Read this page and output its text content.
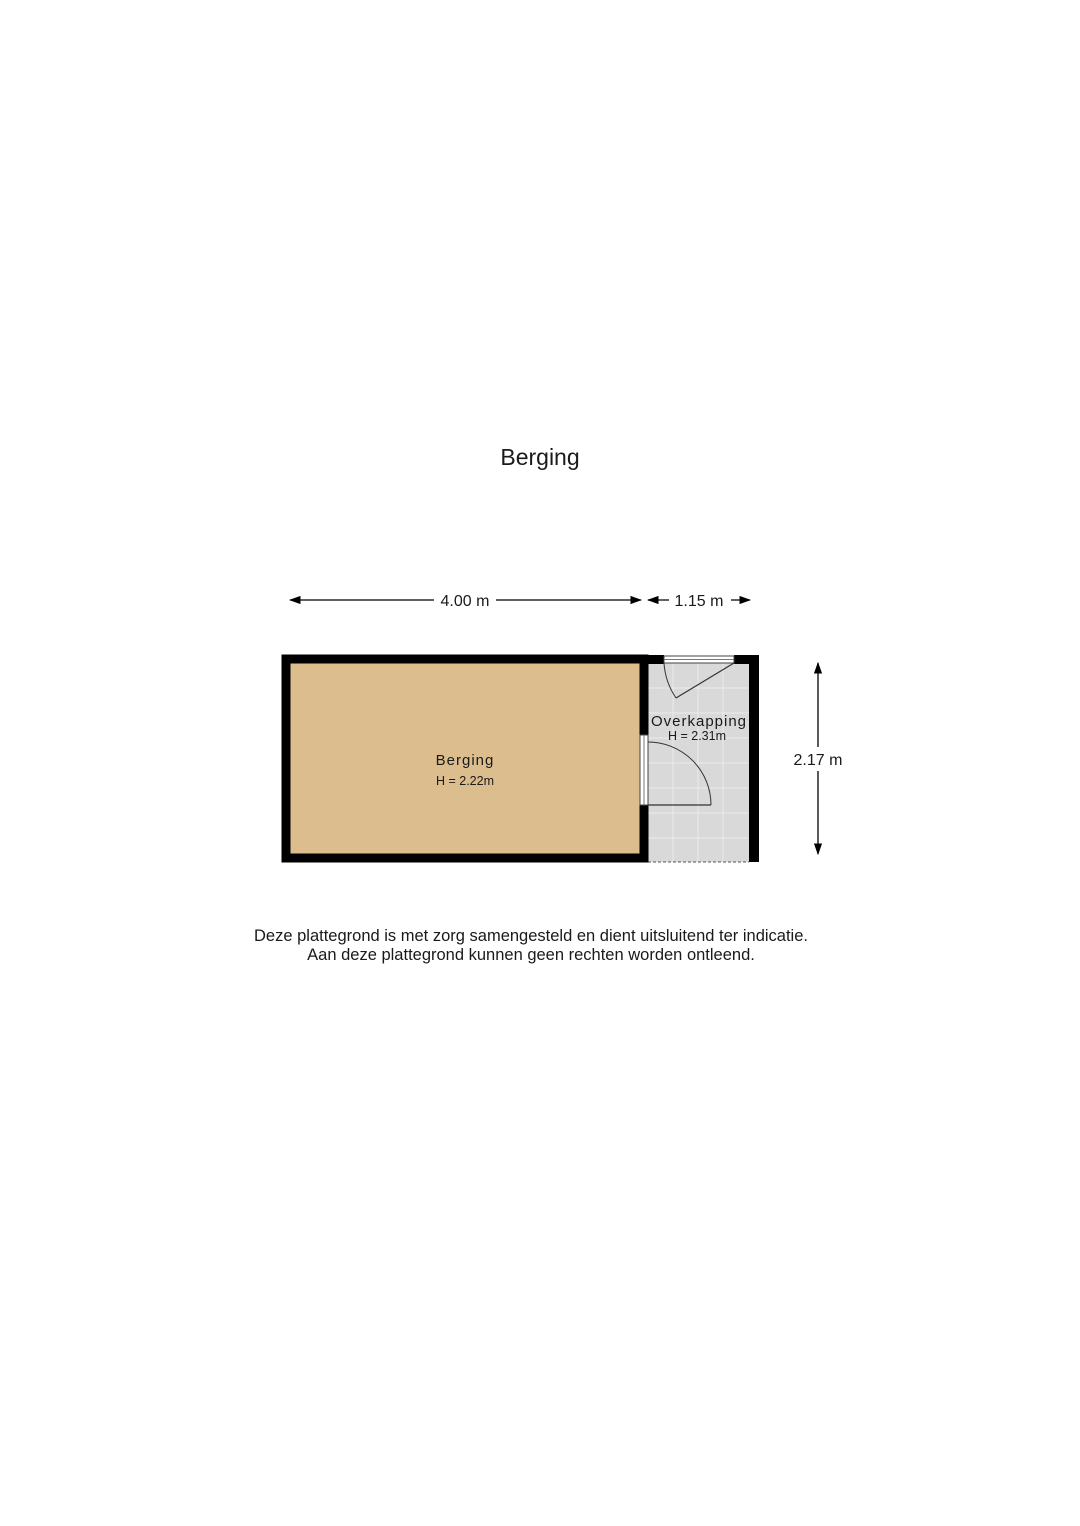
Berging
4.00 m	1.15 m
2.17 m
Berging
H = 2.22m
Overkapping
H = 2.31m
Deze plattegrond is met zorg samengesteld en dient uitsluitend ter indicatie.
Aan deze plattegrond kunnen geen rechten worden ontleend.
